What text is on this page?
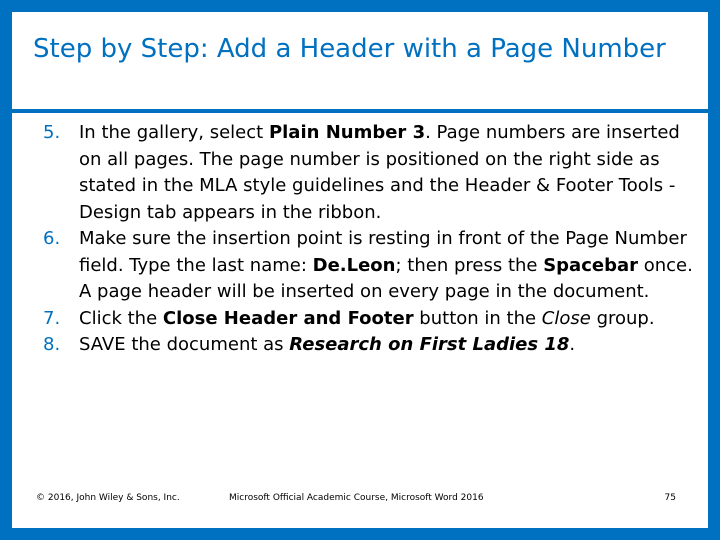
Step by Step: Add a Header with a Page Number
5. In the gallery, select Plain Number 3. Page numbers are inserted on all pages. The page number is positioned on the right side as stated in the MLA style guidelines and the Header & Footer Tools - Design tab appears in the ribbon.
6. Make sure the insertion point is resting in front of the Page Number field. Type the last name: De.Leon; then press the Spacebar once. A page header will be inserted on every page in the document.
7. Click the Close Header and Footer button in the Close group.
8. SAVE the document as Research on First Ladies 18.
© 2016, John Wiley & Sons, Inc.	Microsoft Official Academic Course, Microsoft Word 2016	75
